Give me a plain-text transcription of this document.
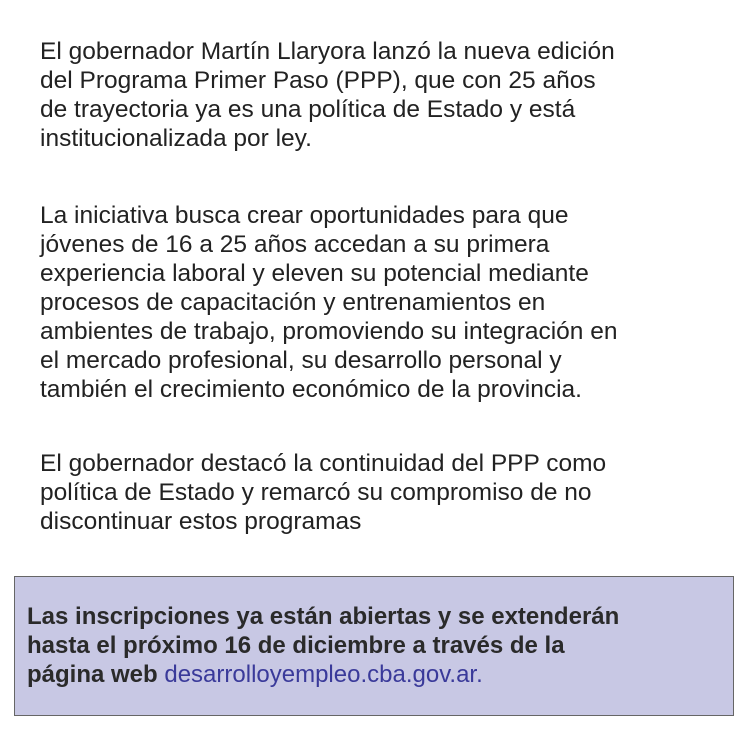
El gobernador Martín Llaryora lanzó la nueva edición
del Programa Primer Paso (PPP), que con 25 años
de trayectoria ya es una política de Estado y está
institucionalizada por ley.
La iniciativa busca crear oportunidades para que
jóvenes de 16 a 25 años accedan a su primera
experiencia laboral y eleven su potencial mediante
procesos de capacitación y entrenamientos en
ambientes de trabajo, promoviendo su integración en
el mercado profesional, su desarrollo personal y
también el crecimiento económico de la provincia.
El gobernador destacó la continuidad del PPP como
política de Estado y remarcó su compromiso de no
discontinuar estos programas
Las inscripciones ya están abiertas y se extenderán
hasta el próximo 16 de diciembre a través de la
página web desarrolloyempleo.cba.gov.ar.
